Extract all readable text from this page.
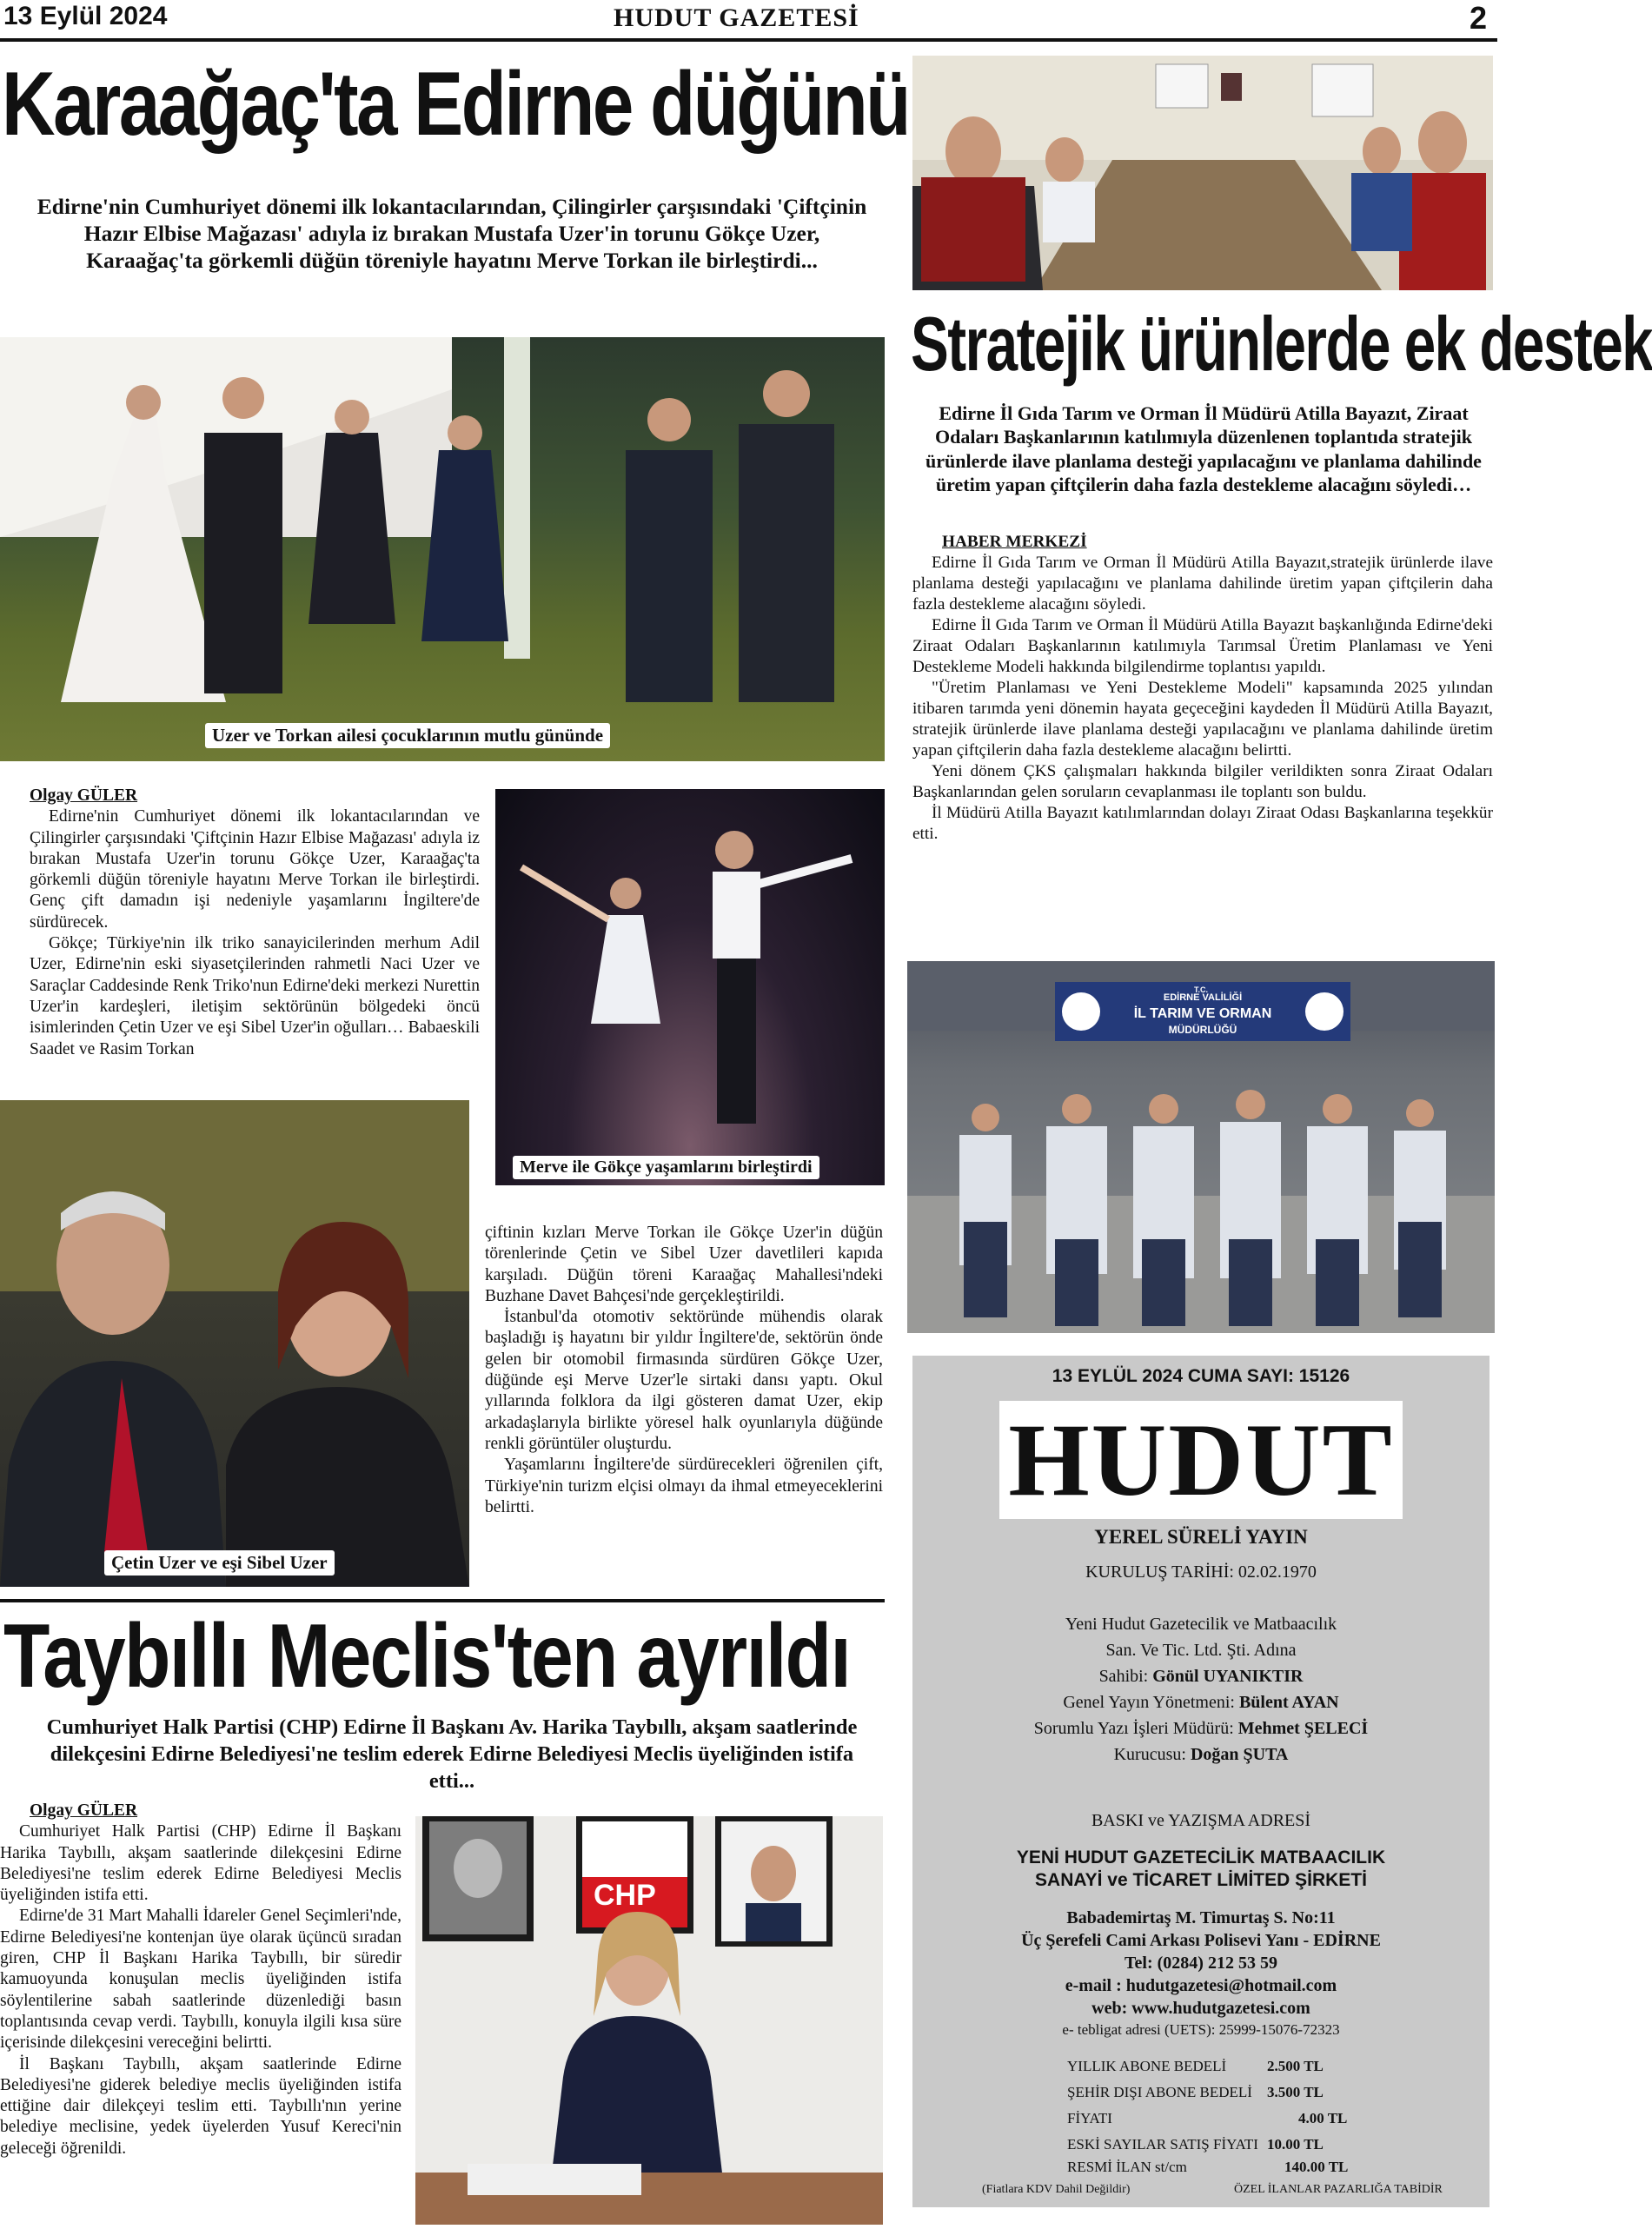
13 Eylül 2024	HUDUT GAZETESİ	2
Karaağaç'ta Edirne düğünü
Edirne'nin Cumhuriyet dönemi ilk lokantacılarından, Çilingirler çarşısındaki 'Çiftçinin Hazır Elbise Mağazası' adıyla iz bırakan Mustafa Uzer'in torunu Gökçe Uzer, Karaağaç'ta görkemli düğün töreniyle hayatını Merve Torkan ile birleştirdi...
Uzer ve Torkan ailesi çocuklarının mutlu gününde

Olgay GÜLER

Edirne'nin Cumhuriyet dönemi ilk lokantacılarından ve Çilingirler çarşısındaki 'Çiftçinin Hazır Elbise Mağazası' adıyla iz bırakan Mustafa Uzer'in torunu Gökçe Uzer, Karaağaç'ta görkemli düğün töreniyle hayatını Merve Torkan ile birleştirdi. Genç çift damadın işi nedeniyle yaşamlarını İngiltere'de sürdürecek.

Gökçe; Türkiye'nin ilk triko sanayicilerinden merhum Adil Uzer, Edirne'nin eski siyasetçilerinden rahmetli Naci Uzer ve Saraçlar Caddesinde Renk Triko'nun Edirne'deki merkezi Nurettin Uzer'in kardeşleri, iletişim sektörünün bölgedeki öncü isimlerinden Çetin Uzer ve eşi Sibel Uzer'in oğulları… Babaeskili Saadet ve Rasim Torkan

Merve ile Gökçe yaşamlarını birleştirdi
Çetin Uzer ve eşi Sibel Uzer

çiftinin kızları Merve Torkan ile Gökçe Uzer'in düğün törenlerinde Çetin ve Sibel Uzer davetlileri kapıda karşıladı. Düğün töreni Karaağaç Mahallesi'ndeki Buzhane Davet Bahçesi'nde gerçekleştirildi.

İstanbul'da otomotiv sektöründe mühendis olarak başladığı iş hayatını bir yıldır İngiltere'de, sektörün önde gelen bir otomobil firmasında sürdüren Gökçe Uzer, düğünde eşi Merve Uzer'le sirtaki dansı yaptı. Okul yıllarında folklora da ilgi gösteren damat Uzer, ekip arkadaşlarıyla birlikte yöresel halk oyunlarıyla düğünde renkli görüntüler oluşturdu.

Yaşamlarını İngiltere'de sürdürecekleri öğrenilen çift, Türkiye'nin turizm elçisi olmayı da ihmal etmeyeceklerini belirtti.

Taybıllı Meclis'ten ayrıldı
Cumhuriyet Halk Partisi (CHP) Edirne İl Başkanı Av. Harika Taybıllı, akşam saatlerinde dilekçesini Edirne Belediyesi'ne teslim ederek Edirne Belediyesi Meclis üyeliğinden istifa etti...

Olgay GÜLER

Cumhuriyet Halk Partisi (CHP) Edirne İl Başkanı Harika Taybıllı, akşam saatlerinde dilekçesini Edirne Belediyesi'ne teslim ederek Edirne Belediyesi Meclis üyeliğinden istifa etti.

Edirne'de 31 Mart Mahalli İdareler Genel Seçimleri'nde, Edirne Belediyesi'ne kontenjan üye olarak üçüncü sıradan giren, CHP İl Başkanı Harika Taybıllı, bir süredir kamuoyunda konuşulan meclis üyeliğinden istifa söylentilerine sabah saatlerinde düzenlediği basın toplantısında cevap verdi. Taybıllı, konuyla ilgili kısa süre içerisinde dilekçesini vereceğini belirtti.

İl Başkanı Taybıllı, akşam saatlerinde Edirne Belediyesi'ne giderek belediye meclis üyeliğinden istifa ettiğine dair dilekçeyi teslim etti. Taybıllı'nın yerine belediye meclisine, yedek üyelerden Yusuf Kereci'nin geleceği öğrenildi.

CHP
Stratejik ürünlerde ek destek
Edirne İl Gıda Tarım ve Orman İl Müdürü Atilla Bayazıt, Ziraat Odaları Başkanlarının katılımıyla düzenlenen toplantıda stratejik ürünlerde ilave planlama desteği yapılacağını ve planlama dahilinde üretim yapan çiftçilerin daha fazla destekleme alacağını söyledi…

HABER MERKEZİ

Edirne İl Gıda Tarım ve Orman İl Müdürü Atilla Bayazıt,stratejik ürünlerde ilave planlama desteği yapılacağını ve planlama dahilinde üretim yapan çiftçilerin daha fazla destekleme alacağını söyledi.

Edirne İl Gıda Tarım ve Orman İl Müdürü Atilla Bayazıt başkanlığında Edirne'deki Ziraat Odaları Başkanlarının katılımıyla Tarımsal Üretim Planlaması ve Yeni Destekleme Modeli hakkında bilgilendirme toplantısı yapıldı.

"Üretim Planlaması ve Yeni Destekleme Modeli" kapsamında 2025 yılından itibaren tarımda yeni dönemin hayata geçeceğini kaydeden İl Müdürü Atilla Bayazıt, stratejik ürünlerde ilave planlama desteği yapılacağını ve planlama dahilinde üretim yapan çiftçilerin daha fazla destekleme alacağını belirtti.

Yeni dönem ÇKS çalışmaları hakkında bilgiler verildikten sonra Ziraat Odaları Başkanlarından gelen soruların cevaplanması ile toplantı son buldu.

İl Müdürü Atilla Bayazıt katılımlarından dolayı Ziraat Odası Başkanlarına teşekkür etti.

T.C.
EDİRNE VALİLİĞİ
İL TARIM VE ORMAN
MÜDÜRLÜĞÜ
13 EYLÜL 2024 CUMA SAYI: 15126
HUDUT
YEREL SÜRELİ YAYIN
KURULUŞ TARİHİ: 02.02.1970
Yeni Hudut Gazetecilik ve Matbaacılık
San. Ve Tic. Ltd. Şti. Adına
Sahibi: Gönül UYANIKTIR
Genel Yayın Yönetmeni: Bülent AYAN
Sorumlu Yazı İşleri Müdürü: Mehmet ŞELECİ
Kurucusu: Doğan ŞUTA
BASKI ve YAZIŞMA ADRESİ
YENİ HUDUT GAZETECİLİK MATBAACILIK
SANAYİ ve TİCARET LİMİTED ŞİRKETİ
Babademirtaş M. Timurtaş S. No:11
Üç Şerefeli Cami Arkası Polisevi Yanı - EDİRNE
Tel: (0284) 212 53 59
e-mail : hudutgazetesi@hotmail.com
web: www.hudutgazetesi.com
e- tebligat adresi (UETS): 25999-15076-72323
YILLIK ABONE BEDELİ	2.500 TL
ŞEHİR DIŞI ABONE BEDELİ	3.500 TL
FİYATI	4.00 TL
ESKİ SAYILAR SATIŞ FİYATI 10.00 TL
RESMİ İLAN st/cm	140.00 TL
(Fiatlara KDV Dahil Değildir)	ÖZEL İLANLAR PAZARLIĞA TABİDİR
